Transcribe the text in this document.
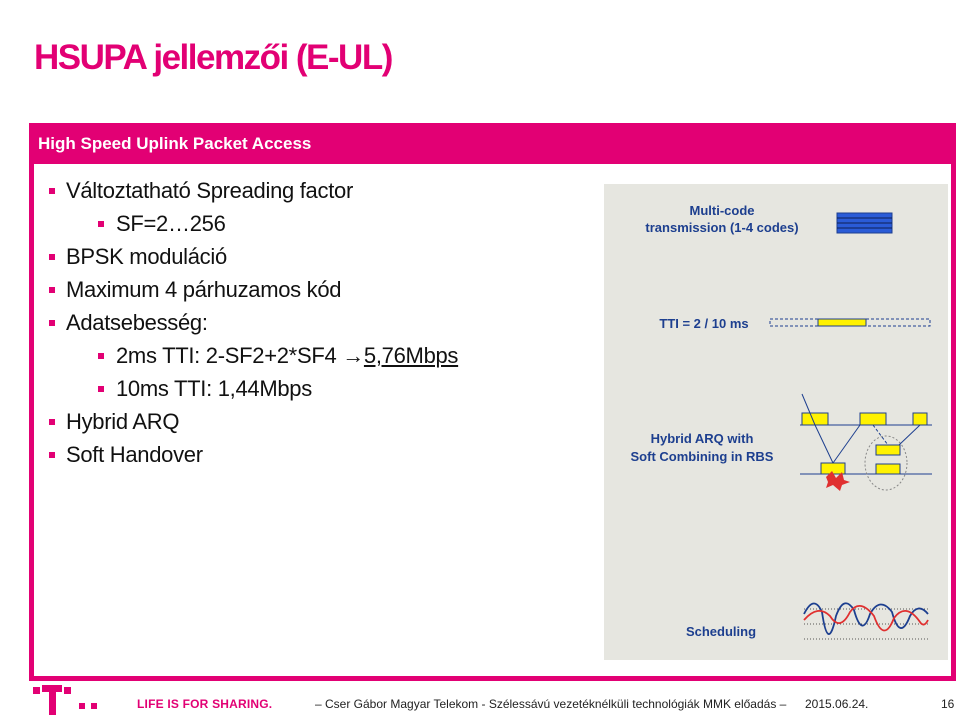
HSUPA jellemzői (E-UL)
High Speed Uplink Packet Access
Változtatható Spreading factor
SF=2…256
BPSK moduláció
Maximum 4 párhuzamos kód
Adatsebesség:
2ms TTI: 2-SF2+2*SF4 →5,76Mbps
10ms TTI: 1,44Mbps
Hybrid ARQ
Soft Handover
Multi-code
transmission (1-4 codes)
TTI = 2 / 10 ms
Hybrid ARQ with
Soft Combining in RBS
Scheduling
LIFE IS FOR SHARING.	– Cser Gábor Magyar Telekom - Szélessávú vezetéknélküli technológiák MMK előadás – 2015.06.24.	16
